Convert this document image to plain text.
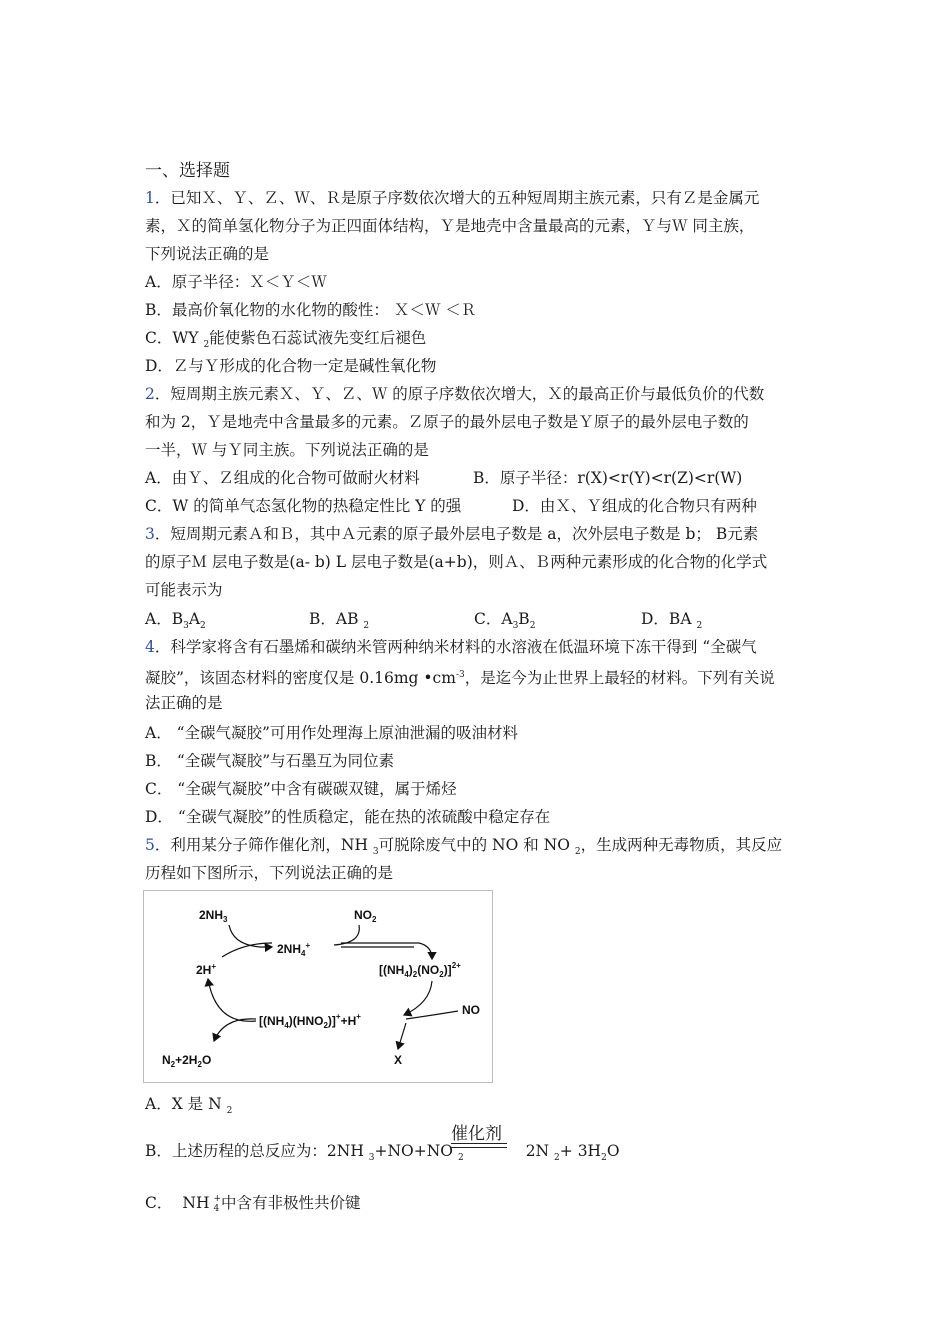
一、选择题
1．已知Ｘ、Ｙ、Ｚ、Ｗ、Ｒ是原子序数依次增大的五种短周期主族元素，只有Ｚ是金属元
素，Ｘ的简单氢化物分子为正四面体结构，Ｙ是地壳中含量最高的元素，Ｙ与Ｗ 同主族，
下列说法正确的是
A．原子半径：Ｘ＜Ｙ＜Ｗ
B．最高价氧化物的水化物的酸性： Ｘ＜Ｗ ＜Ｒ
C．WY $_2$能使紫色石蕊试液先变红后褪色
D．Ｚ与Ｙ形成的化合物一定是碱性氧化物
2．短周期主族元素Ｘ、Ｙ、Ｚ、Ｗ 的原子序数依次增大，Ｘ的最高正价与最低负价的代数
和为 2，Ｙ是地壳中含量最多的元素。Ｚ原子的最外层电子数是Ｙ原子的最外层电子数的
一半，Ｗ 与Ｙ同主族。下列说法正确的是
A．由Ｙ、Ｚ组成的化合物可做耐火材料	B．原子半径：r(X)<r(Y)<r(Z)<r(W)
C．W 的简单气态氢化物的热稳定性比 Y 的强	D．由Ｘ、Ｙ组成的化合物只有两种
3．短周期元素Ａ和Ｂ，其中Ａ元素的原子最外层电子数是 a，次外层电子数是 b； B元素
的原子Ｍ 层电子数是(a- b) L 层电子数是(a+b)，则Ａ、Ｂ两种元素形成的化合物的化学式
可能表示为
A．$B_3A_2$	B．AB $_2$	C．$A_3B_2$	D．BA $_2$
4．科学家将含有石墨烯和碳纳米管两种纳米材料的水溶液在低温环境下冻干得到 “全碳气
凝胶”，该固态材料的密度仅是 0.16mg $•cm^{-3}$，是迄今为止世界上最轻的材料。下列有关说
法正确的是
A． “全碳气凝胶”可用作处理海上原油泄漏的吸油材料
B． “全碳气凝胶”与石墨互为同位素
C． “全碳气凝胶”中含有碳碳双键，属于烯烃
D． “全碳气凝胶”的性质稳定，能在热的浓硫酸中稳定存在
5．利用某分子筛作催化剂，NH $_3$可脱除废气中的 NO 和 NO $_2$，生成两种无毒物质，其反应
历程如下图所示，下列说法正确的是
$2NH_3$	$NO_2$
$2NH_4^+$
2H+	$[(NH_4)_2(NO_2)]^{2+}$
NO
$[(NH_4)(HNO_2)]^++H^+$
$N_2+2H_2O$	X
A．X 是 N $_2$
催化剂
B．上述历程的总反应为：2NH $_3$+NO+NO $_2$	2N $_2+ 3H_2O$
C． NH +
4 中含有非极性共价键
